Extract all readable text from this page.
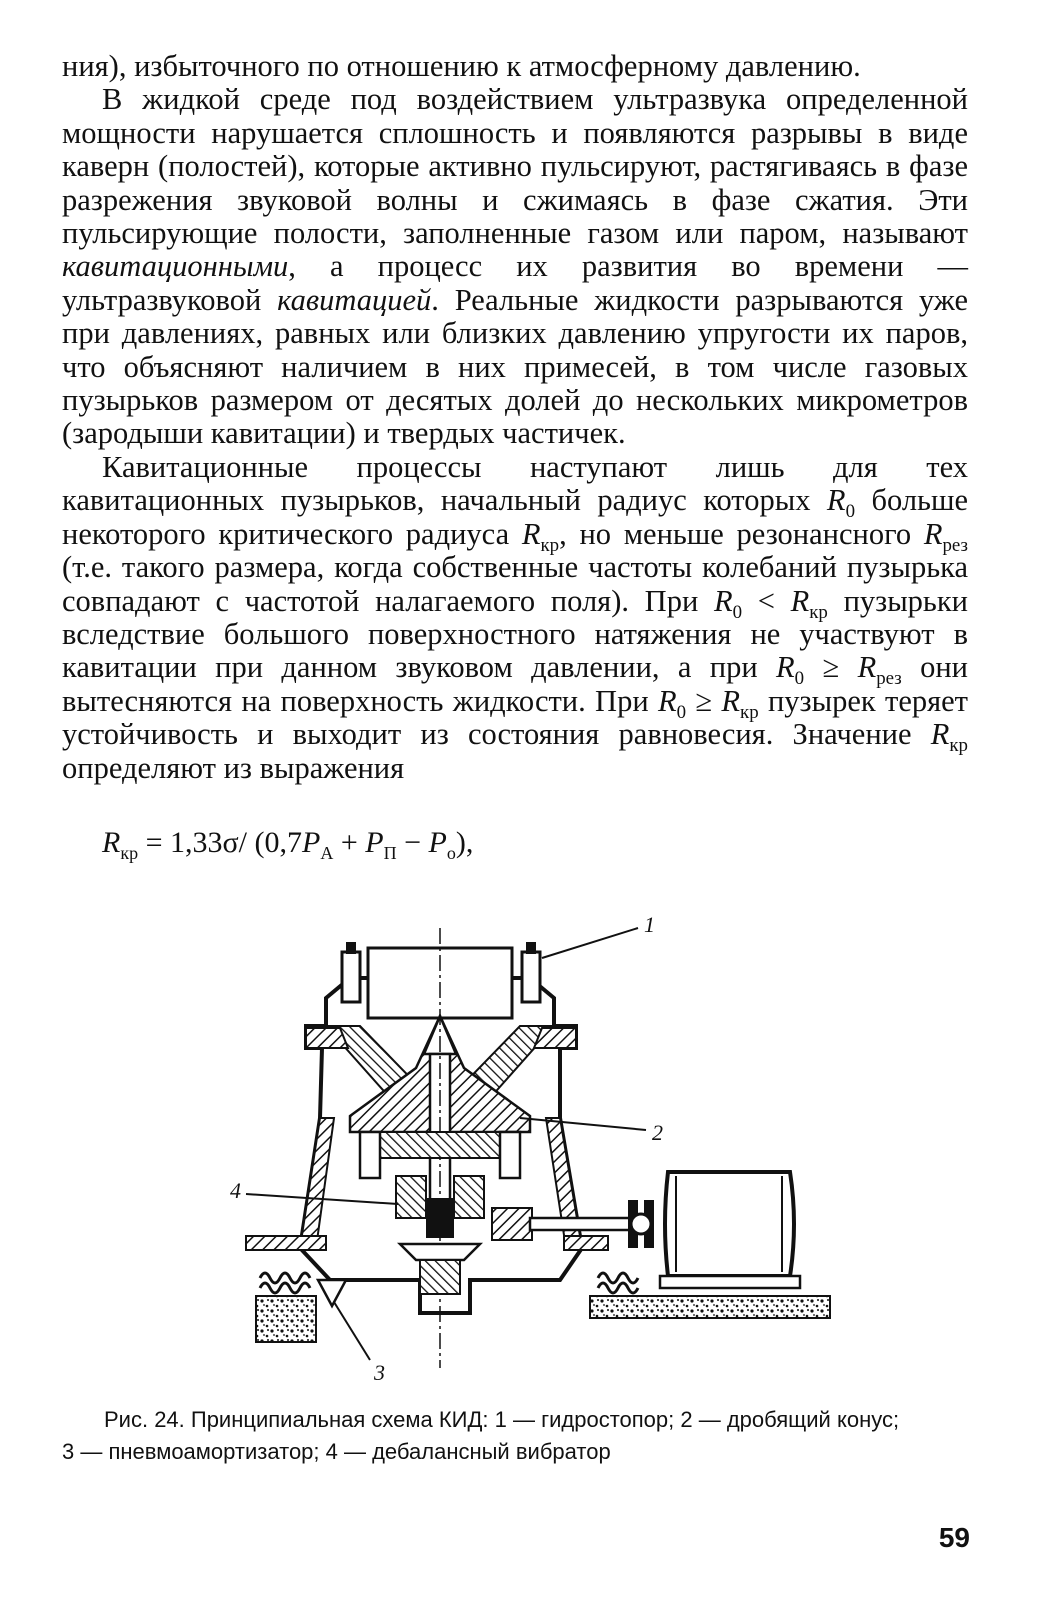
ния), избыточного по отношению к атмосферному давлению.

В жидкой среде под воздействием ультразвука определенной мощности нарушается сплошность и появляются разрывы в виде каверн (полостей), которые активно пульсируют, растягиваясь в фазе разрежения звуковой волны и сжимаясь в фазе сжатия. Эти пульсирующие полости, заполненные газом или паром, называют кавитационными, а процесс их развития во времени — ультразвуковой кавитацией. Реальные жидкости разрываются уже при давлениях, равных или близких давлению упругости их паров, что объясняют наличием в них примесей, в том числе газовых пузырьков размером от десятых долей до нескольких микрометров (зародыши кавитации) и твердых частичек.

Кавитационные процессы наступают лишь для тех кавитационных пузырьков, начальный радиус которых $R_0$ больше некоторого критического радиуса $R_{кр}$, но меньше резонансного $R_{рез}$ (т.е. такого размера, когда собственные частоты колебаний пузырька совпадают с частотой налагаемого поля). При $R_0 < R_{кр}$ пузырьки вследствие большого поверхностного натяжения не участвуют в кавитации при данном звуковом давлении, а при $R_0 \ge R_{рез}$ они вытесняются на поверхность жидкости. При $R_0 \ge R_{кр}$ пузырек теряет устойчивость и выходит из состояния равновесия. Значение $R_{кр}$ определяют из выражения

$R_{кр} = 1,33\sigma/$ $(0,7P_А + P_П - P_о)$,
1
2
3
4
Рис. 24. Принципиальная схема КИД: 1 — гидростопор; 2 — дробящий конус;
3 — пневмоамортизатор; 4 — дебалансный вибратор
59
